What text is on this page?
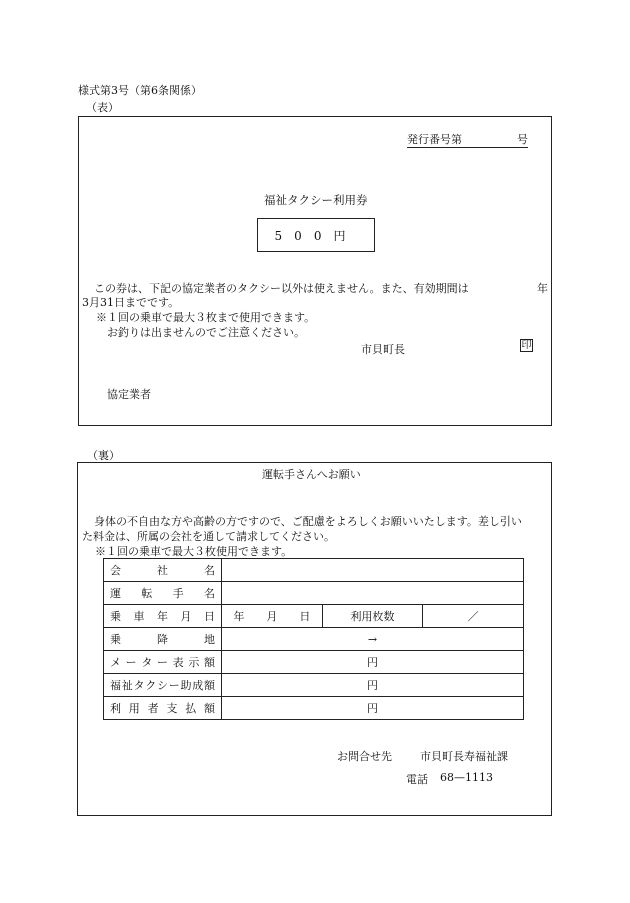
様式第3号（第6条関係）
（表）
発行番号第　　　　　号
福祉タクシー利用券
500円
この券は、下記の協定業者のタクシー以外は使えません。また、有効期間は	年
3月31日までです。
※１回の乗車で最大３枚まで使用できます。
お釣りは出ませんのでご注意ください。
市貝町長	印
協定業者
（裏）
運転手さんへお願い
身体の不自由な方や高齢の方ですので、ご配慮をよろしくお願いいたします。差し引い
た料金は、所属の会社を通して請求してください。
※１回の乗車で最大３枚使用できます。
会社名			
運転手名			
乗車年月日	年　　月　　日	利用枚数	／
乗降地	→		
メーター表示額	円		
福祉タクシー助成額	円		
利用者支払額	円		
お問合せ先	市貝町長寿福祉課
電話 68—1113
